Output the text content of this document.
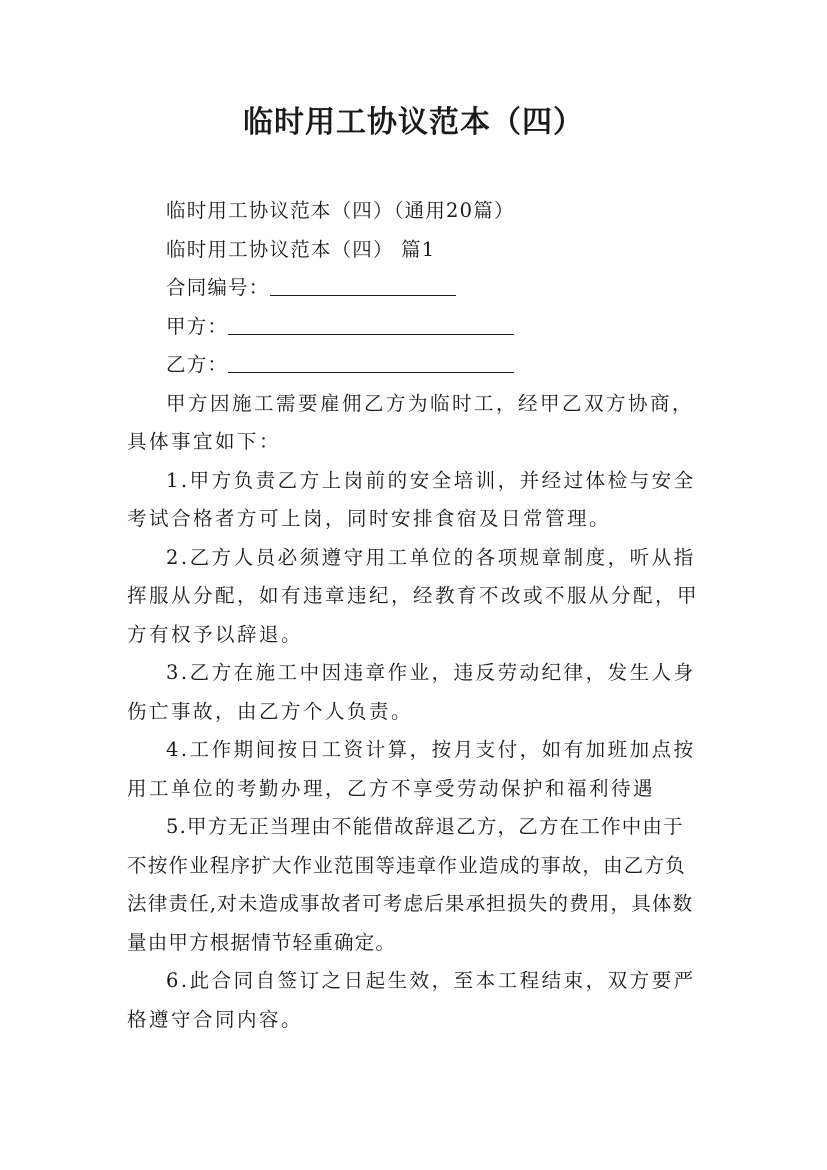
临时用工协议范本（四）

临时用工协议范本（四）（通用20篇）

临时用工协议范本（四） 篇1

合同编号：

甲方：

乙方：

甲方因施工需要雇佣乙方为临时工，经甲乙双方协商，具体事宜如下：

1.甲方负责乙方上岗前的安全培训，并经过体检与安全考试合格者方可上岗，同时安排食宿及日常管理。

2.乙方人员必须遵守用工单位的各项规章制度，听从指挥服从分配，如有违章违纪，经教育不改或不服从分配，甲方有权予以辞退。

3.乙方在施工中因违章作业，违反劳动纪律，发生人身伤亡事故，由乙方个人负责。

4.工作期间按日工资计算，按月支付，如有加班加点按用工单位的考勤办理，乙方不享受劳动保护和福利待遇

5.甲方无正当理由不能借故辞退乙方，乙方在工作中由于不按作业程序扩大作业范围等违章作业造成的事故，由乙方负法律责任,对未造成事故者可考虑后果承担损失的费用，具体数量由甲方根据情节轻重确定。

6.此合同自签订之日起生效，至本工程结束，双方要严格遵守合同内容。
